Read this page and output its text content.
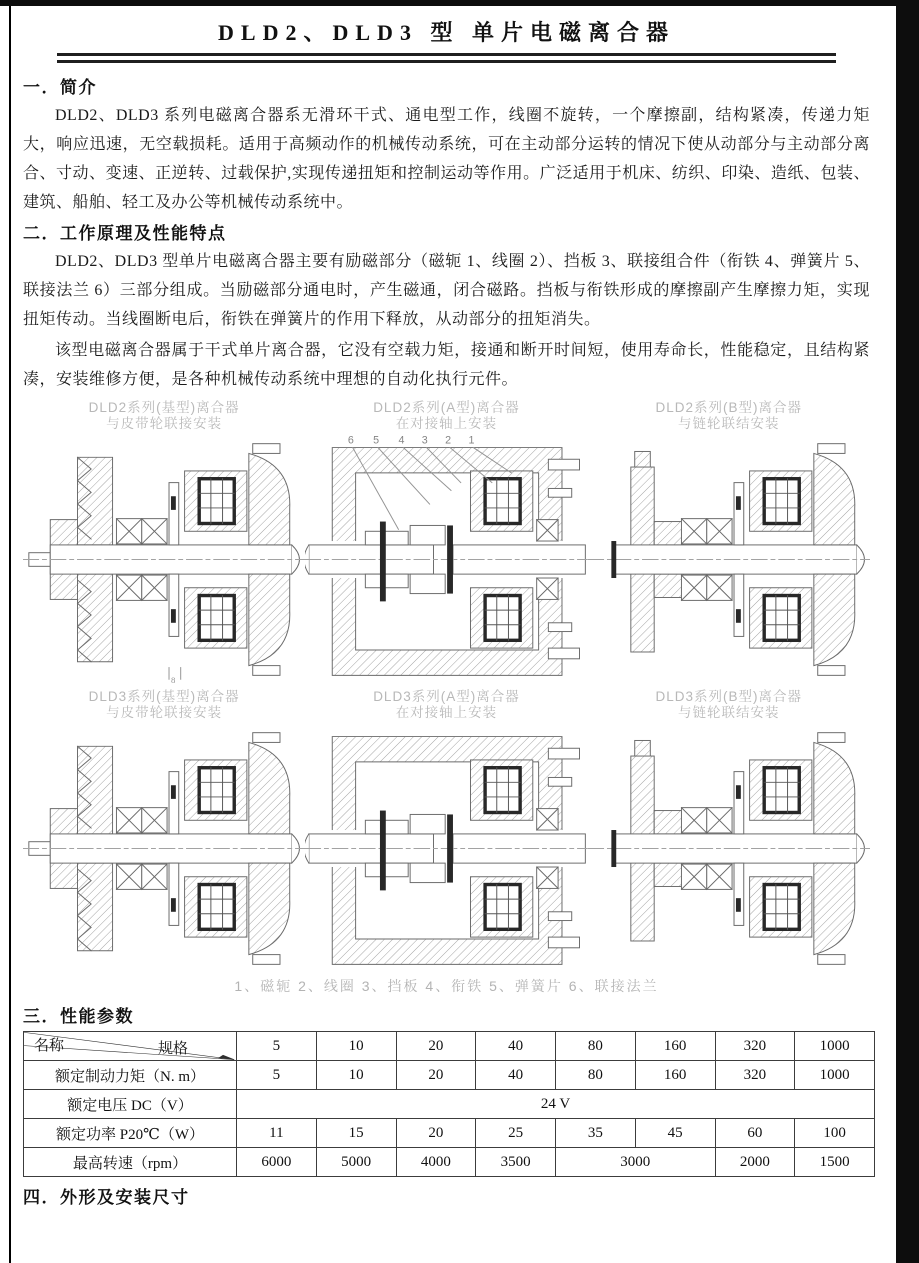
DLD2、DLD3 型 单片电磁离合器
一．简介

DLD2、DLD3 系列电磁离合器系无滑环干式、通电型工作，线圈不旋转，一个摩擦副，结构紧凑，传递力矩大，响应迅速，无空载损耗。适用于高频动作的机械传动系统，可在主动部分运转的情况下使从动部分与主动部分离合、寸动、变速、正逆转、过载保护,实现传递扭矩和控制运动等作用。广泛适用于机床、纺织、印染、造纸、包装、建筑、船舶、轻工及办公等机械传动系统中。

二．工作原理及性能特点

DLD2、DLD3 型单片电磁离合器主要有励磁部分（磁轭 1、线圈 2）、挡板 3、联接组合件（衔铁 4、弹簧片 5、联接法兰 6）三部分组成。当励磁部分通电时，产生磁通，闭合磁路。挡板与衔铁形成的摩擦副产生摩擦力矩，实现扭矩传动。当线圈断电后，衔铁在弹簧片的作用下释放，从动部分的扭矩消失。

该型电磁离合器属于干式单片离合器，它没有空载力矩，接通和断开时间短，使用寿命长，性能稳定，且结构紧凑，安装维修方便，是各种机械传动系统中理想的自动化执行元件。

DLD2系列(基型)离合器
与皮带轮联接安装
8
DLD2系列(A型)离合器
在对接轴上安装
6 5 4 3 2 1
DLD2系列(B型)离合器
与链轮联结安装
DLD3系列(基型)离合器
与皮带轮联接安装
DLD3系列(A型)离合器
在对接轴上安装
DLD3系列(B型)离合器
与链轮联结安装
1、磁轭 2、线圈 3、挡板 4、衔铁 5、弹簧片 6、联接法兰
三．性能参数
规格
名称	5	10	20	40	80	160	320	1000
额定制动力矩（N. m）	5	10	20	40	80	160	320	1000
额定电压 DC（V）	24 V							
额定功率 P20℃（W）	11	15	20	25	35	45	60	100
最高转速（rpm）	6000	5000	4000	3500	3000		2000	1500
四．外形及安装尺寸
